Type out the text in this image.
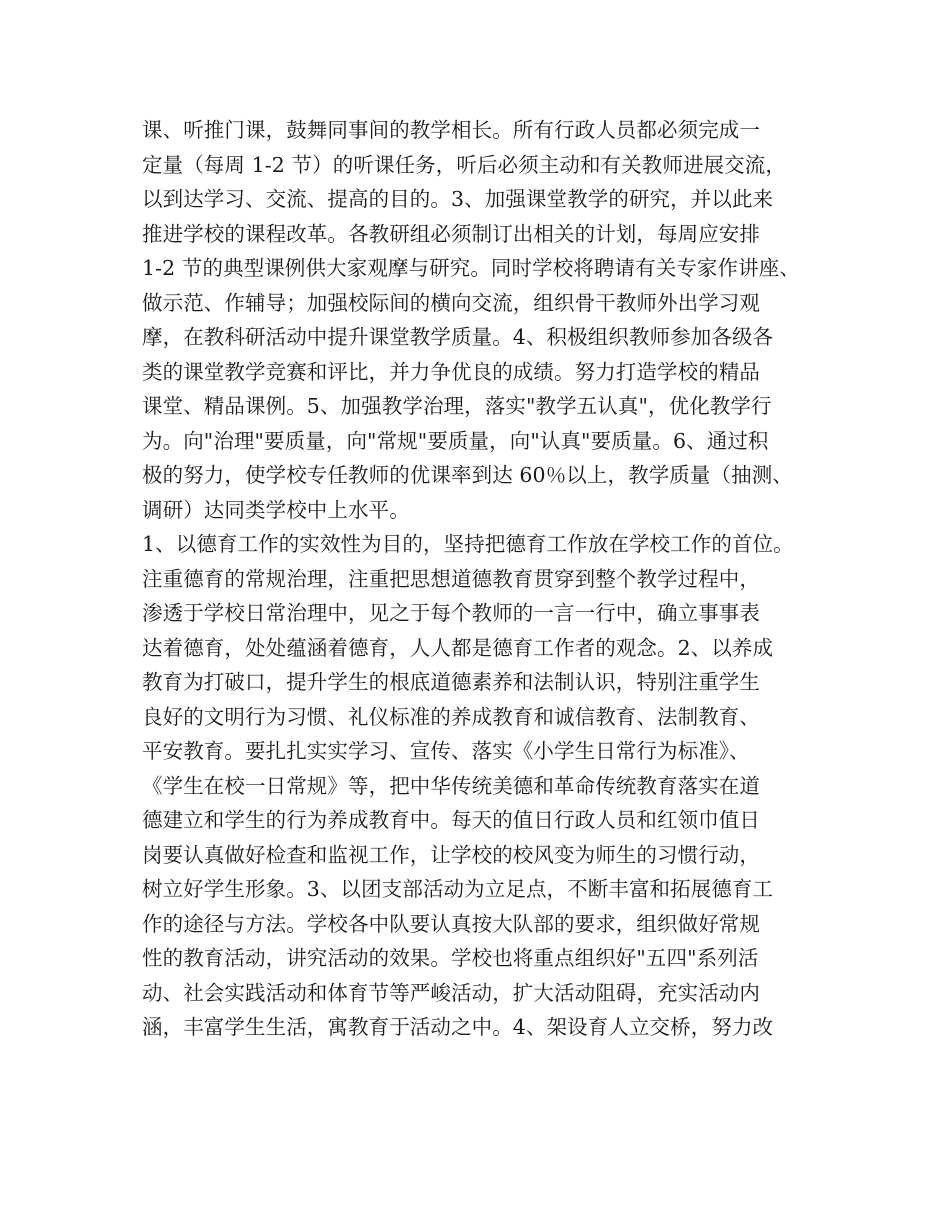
课、听推门课，鼓舞同事间的教学相长。所有行政人员都必须完成一
定量（每周 1-2 节）的听课任务，听后必须主动和有关教师进展交流，
以到达学习、交流、提高的目的。3、加强课堂教学的研究，并以此来
推进学校的课程改革。各教研组必须制订出相关的计划，每周应安排
1-2 节的典型课例供大家观摩与研究。同时学校将聘请有关专家作讲座、
做示范、作辅导；加强校际间的横向交流，组织骨干教师外出学习观
摩，在教科研活动中提升课堂教学质量。4、积极组织教师参加各级各
类的课堂教学竞赛和评比，并力争优良的成绩。努力打造学校的精品
课堂、精品课例。5、加强教学治理，落实"教学五认真"，优化教学行
为。向"治理"要质量，向"常规"要质量，向"认真"要质量。6、通过积
极的努力，使学校专任教师的优课率到达 60％以上，教学质量（抽测、
调研）达同类学校中上水平。
1、以德育工作的实效性为目的，坚持把德育工作放在学校工作的首位。
注重德育的常规治理，注重把思想道德教育贯穿到整个教学过程中，
渗透于学校日常治理中，见之于每个教师的一言一行中，确立事事表
达着德育，处处蕴涵着德育，人人都是德育工作者的观念。2、以养成
教育为打破口，提升学生的根底道德素养和法制认识，特别注重学生
良好的文明行为习惯、礼仪标准的养成教育和诚信教育、法制教育、
平安教育。要扎扎实实学习、宣传、落实《小学生日常行为标准》、
《学生在校一日常规》等，把中华传统美德和革命传统教育落实在道
德建立和学生的行为养成教育中。每天的值日行政人员和红领巾值日
岗要认真做好检查和监视工作，让学校的校风变为师生的习惯行动，
树立好学生形象。3、以团支部活动为立足点，不断丰富和拓展德育工
作的途径与方法。学校各中队要认真按大队部的要求，组织做好常规
性的教育活动，讲究活动的效果。学校也将重点组织好"五四"系列活
动、社会实践活动和体育节等严峻活动，扩大活动阻碍，充实活动内
涵，丰富学生生活，寓教育于活动之中。4、架设育人立交桥，努力改
